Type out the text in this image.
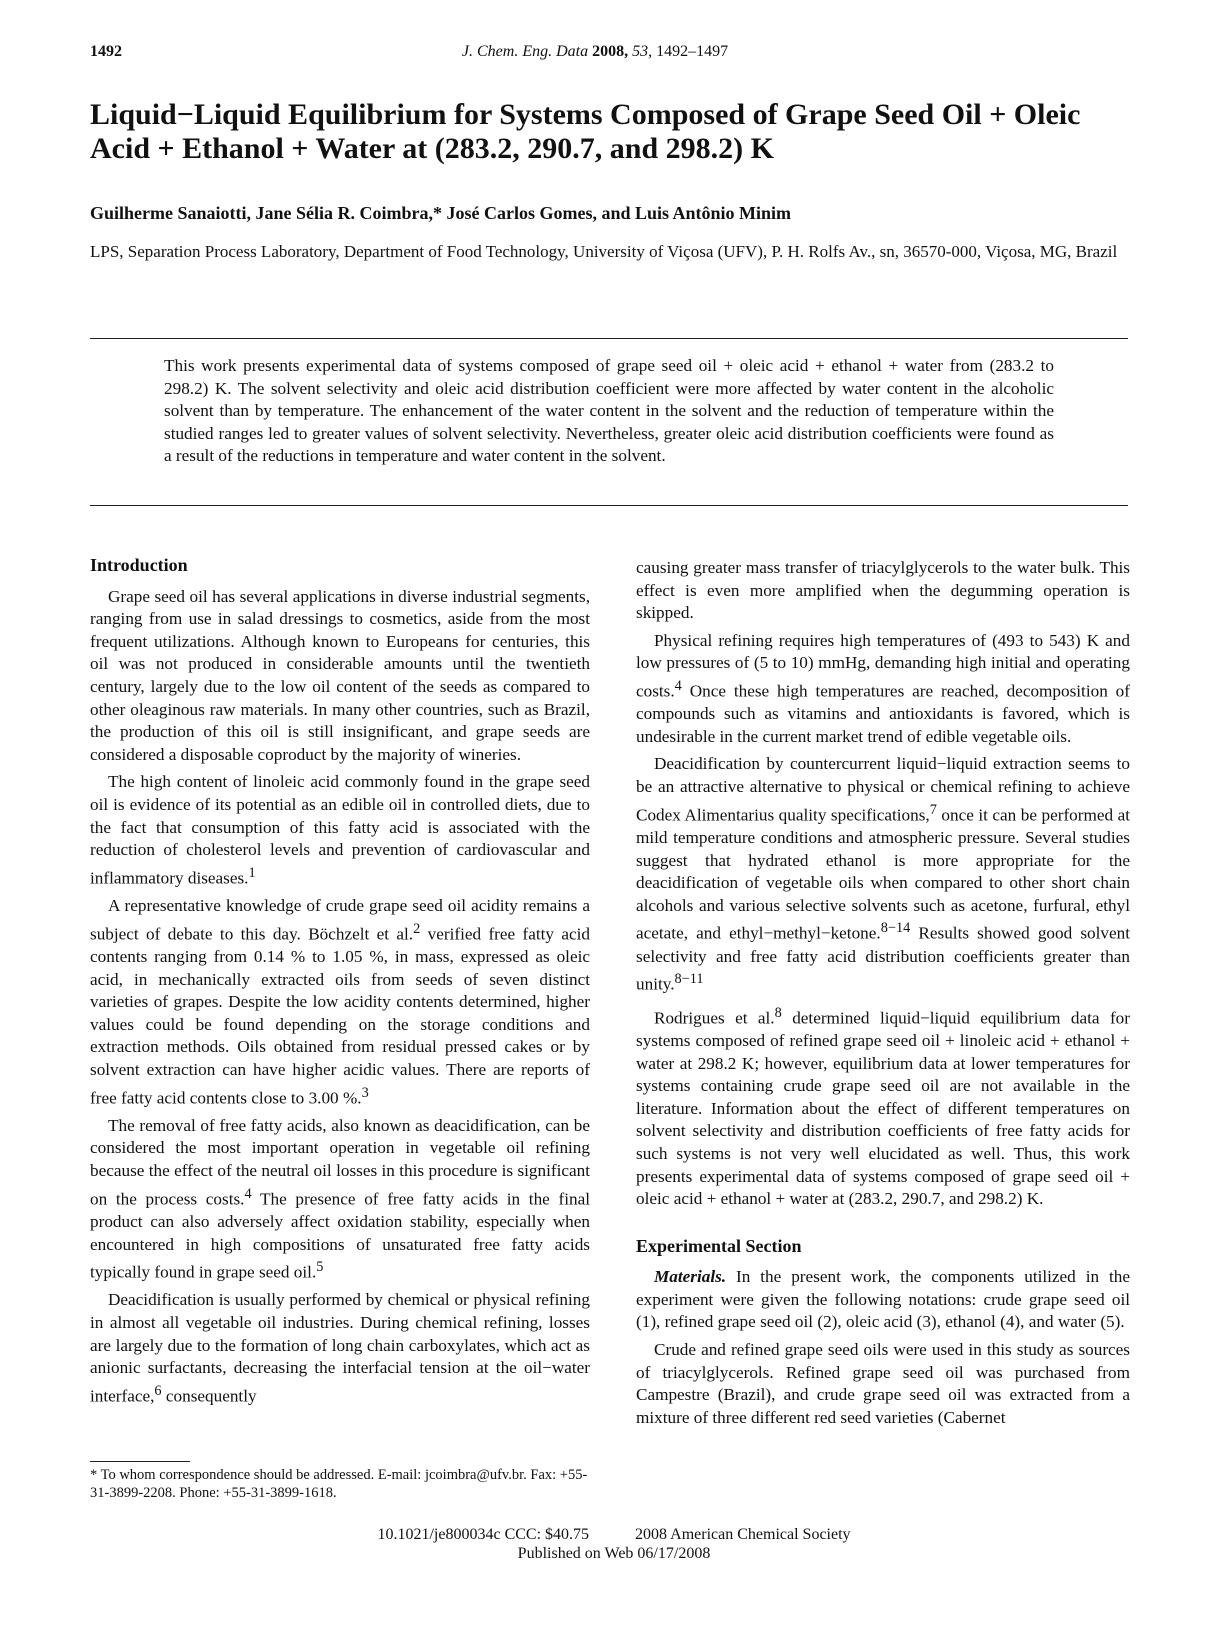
1492	J. Chem. Eng. Data 2008, 53, 1492–1497
Liquid−Liquid Equilibrium for Systems Composed of Grape Seed Oil + Oleic Acid + Ethanol + Water at (283.2, 290.7, and 298.2) K

Guilherme Sanaiotti, Jane Sélia R. Coimbra,* José Carlos Gomes, and Luis Antônio Minim

LPS, Separation Process Laboratory, Department of Food Technology, University of Viçosa (UFV), P. H. Rolfs Av., sn, 36570-000, Viçosa, MG, Brazil

This work presents experimental data of systems composed of grape seed oil + oleic acid + ethanol + water from (283.2 to 298.2) K. The solvent selectivity and oleic acid distribution coefficient were more affected by water content in the alcoholic solvent than by temperature. The enhancement of the water content in the solvent and the reduction of temperature within the studied ranges led to greater values of solvent selectivity. Nevertheless, greater oleic acid distribution coefficients were found as a result of the reductions in temperature and water content in the solvent.

Introduction

Grape seed oil has several applications in diverse industrial segments, ranging from use in salad dressings to cosmetics, aside from the most frequent utilizations. Although known to Europeans for centuries, this oil was not produced in considerable amounts until the twentieth century, largely due to the low oil content of the seeds as compared to other oleaginous raw materials. In many other countries, such as Brazil, the production of this oil is still insignificant, and grape seeds are considered a disposable coproduct by the majority of wineries.

The high content of linoleic acid commonly found in the grape seed oil is evidence of its potential as an edible oil in controlled diets, due to the fact that consumption of this fatty acid is associated with the reduction of cholesterol levels and prevention of cardiovascular and inflammatory diseases.$^1$

A representative knowledge of crude grape seed oil acidity remains a subject of debate to this day. Böchzelt et al.$^2$ verified free fatty acid contents ranging from 0.14 % to 1.05 %, in mass, expressed as oleic acid, in mechanically extracted oils from seeds of seven distinct varieties of grapes. Despite the low acidity contents determined, higher values could be found depending on the storage conditions and extraction methods. Oils obtained from residual pressed cakes or by solvent extraction can have higher acidic values. There are reports of free fatty acid contents close to 3.00 %.$^3$

The removal of free fatty acids, also known as deacidification, can be considered the most important operation in vegetable oil refining because the effect of the neutral oil losses in this procedure is significant on the process costs.$^4$ The presence of free fatty acids in the final product can also adversely affect oxidation stability, especially when encountered in high compositions of unsaturated free fatty acids typically found in grape seed oil.$^5$

Deacidification is usually performed by chemical or physical refining in almost all vegetable oil industries. During chemical refining, losses are largely due to the formation of long chain carboxylates, which act as anionic surfactants, decreasing the interfacial tension at the oil−water interface,$^6$ consequently

causing greater mass transfer of triacylglycerols to the water bulk. This effect is even more amplified when the degumming operation is skipped.

Physical refining requires high temperatures of (493 to 543) K and low pressures of (5 to 10) mmHg, demanding high initial and operating costs.$^4$ Once these high temperatures are reached, decomposition of compounds such as vitamins and antioxidants is favored, which is undesirable in the current market trend of edible vegetable oils.

Deacidification by countercurrent liquid−liquid extraction seems to be an attractive alternative to physical or chemical refining to achieve Codex Alimentarius quality specifications,$^7$ once it can be performed at mild temperature conditions and atmospheric pressure. Several studies suggest that hydrated ethanol is more appropriate for the deacidification of vegetable oils when compared to other short chain alcohols and various selective solvents such as acetone, furfural, ethyl acetate, and ethyl−methyl−ketone.$^{8-14}$ Results showed good solvent selectivity and free fatty acid distribution coefficients greater than unity.$^{8-11}$

Rodrigues et al.$^8$ determined liquid−liquid equilibrium data for systems composed of refined grape seed oil + linoleic acid + ethanol + water at 298.2 K; however, equilibrium data at lower temperatures for systems containing crude grape seed oil are not available in the literature. Information about the effect of different temperatures on solvent selectivity and distribution coefficients of free fatty acids for such systems is not very well elucidated as well. Thus, this work presents experimental data of systems composed of grape seed oil + oleic acid + ethanol + water at (283.2, 290.7, and 298.2) K.

Experimental Section

Materials. In the present work, the components utilized in the experiment were given the following notations: crude grape seed oil (1), refined grape seed oil (2), oleic acid (3), ethanol (4), and water (5).

Crude and refined grape seed oils were used in this study as sources of triacylglycerols. Refined grape seed oil was purchased from Campestre (Brazil), and crude grape seed oil was extracted from a mixture of three different red seed varieties (Cabernet

* To whom correspondence should be addressed. E-mail: jcoimbra@ufv.br. Fax: +55-31-3899-2208. Phone: +55-31-3899-1618.

10.1021/je800034c CCC: $40.75	2008 American Chemical Society
Published on Web 06/17/2008
